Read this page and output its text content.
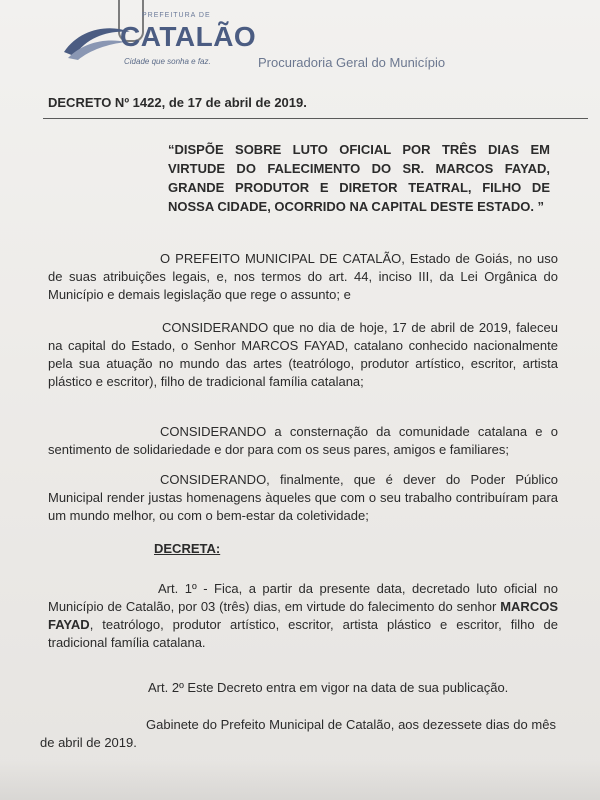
PREFEITURA DE
CATALÃO
Cidade que sonha e faz.	Procuradoria Geral do Município
DECRETO Nº 1422, de 17 de abril de 2019.
“DISPÕE SOBRE LUTO OFICIAL POR TRÊS DIAS EM VIRTUDE DO FALECIMENTO DO SR. MARCOS FAYAD, GRANDE PRODUTOR E DIRETOR TEATRAL, FILHO DE NOSSA CIDADE, OCORRIDO NA CAPITAL DESTE ESTADO. ”
O PREFEITO MUNICIPAL DE CATALÃO, Estado de Goiás, no uso de suas atribuições legais, e, nos termos do art. 44, inciso III, da Lei Orgânica do Município e demais legislação que rege o assunto; e
CONSIDERANDO que no dia de hoje, 17 de abril de 2019, faleceu na capital do Estado, o Senhor MARCOS FAYAD, catalano conhecido nacionalmente pela sua atuação no mundo das artes (teatrólogo, produtor artístico, escritor, artista plástico e escritor), filho de tradicional família catalana;
CONSIDERANDO a consternação da comunidade catalana e o sentimento de solidariedade e dor para com os seus pares, amigos e familiares;
CONSIDERANDO, finalmente, que é dever do Poder Público Municipal render justas homenagens àqueles que com o seu trabalho contribuíram para um mundo melhor, ou com o bem-estar da coletividade;
DECRETA:
Art. 1º - Fica, a partir da presente data, decretado luto oficial no Município de Catalão, por 03 (três) dias, em virtude do falecimento do senhor MARCOS FAYAD, teatrólogo, produtor artístico, escritor, artista plástico e escritor, filho de tradicional família catalana.
Art. 2º Este Decreto entra em vigor na data de sua publicação.
Gabinete do Prefeito Municipal de Catalão, aos dezessete dias do mês de abril de 2019.
